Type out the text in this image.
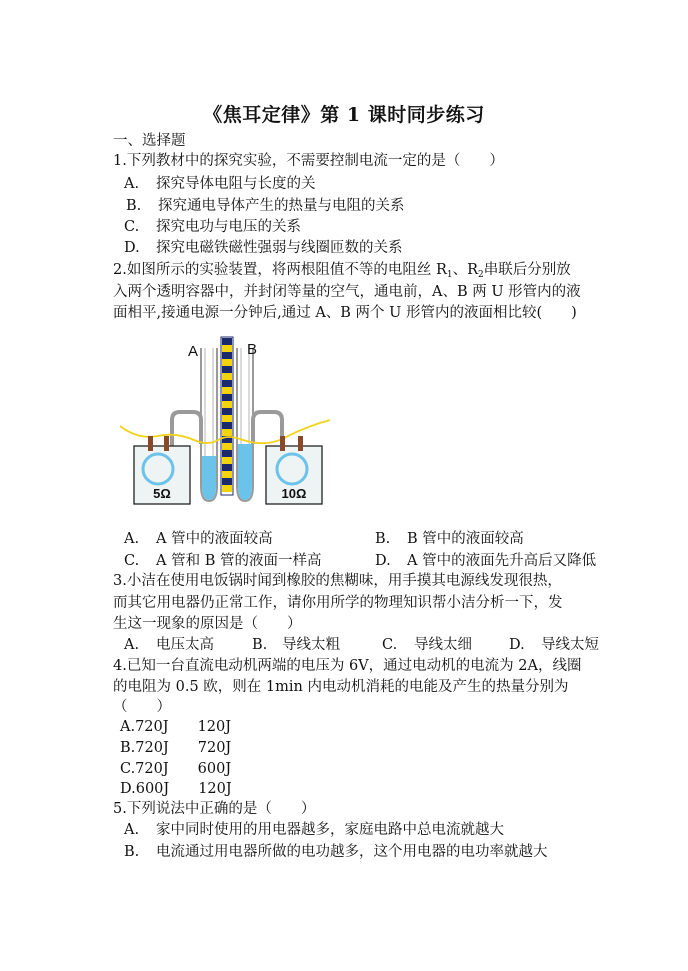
《焦耳定律》第 1 课时同步练习
一、选择题
1.下列教材中的探究实验，不需要控制电流一定的是（  ）
A. 探究导体电阻与长度的关
B. 探究通电导体产生的热量与电阻的关系
C. 探究电功与电压的关系
D. 探究电磁铁磁性强弱与线圈匝数的关系
2.如图所示的实验装置，将两根阻值不等的电阻丝 $R_1$、$R_2$串联后分别放
入两个透明容器中，并封闭等量的空气，通电前，A、B 两 U 形管内的液
面相平,接通电源一分钟后,通过 A、B 两个 U 形管内的液面相比较(  )
A	B
5Ω	10Ω
A. A 管中的液面较高	B. B 管中的液面较高
C. A 管和 B 管的液面一样高	D. A 管中的液面先升高后又降低
3.小洁在使用电饭锅时闻到橡胶的焦糊味，用手摸其电源线发现很热，
而其它用电器仍正常工作，请你用所学的物理知识帮小洁分析一下，发
生这一现象的原因是（  ）
A. 电压太高	B. 导线太粗	C. 导线太细	D. 导线太短
4.已知一台直流电动机两端的电压为 6V，通过电动机的电流为 2A，线圈
的电阻为 0.5 欧，则在 1min 内电动机消耗的电能及产生的热量分别为
（  ）
A.720J  120J
B.720J  720J
C.720J  600J
D.600J  120J
5.下列说法中正确的是（  ）
A. 家中同时使用的用电器越多，家庭电路中总电流就越大
B. 电流通过用电器所做的电功越多，这个用电器的电功率就越大
